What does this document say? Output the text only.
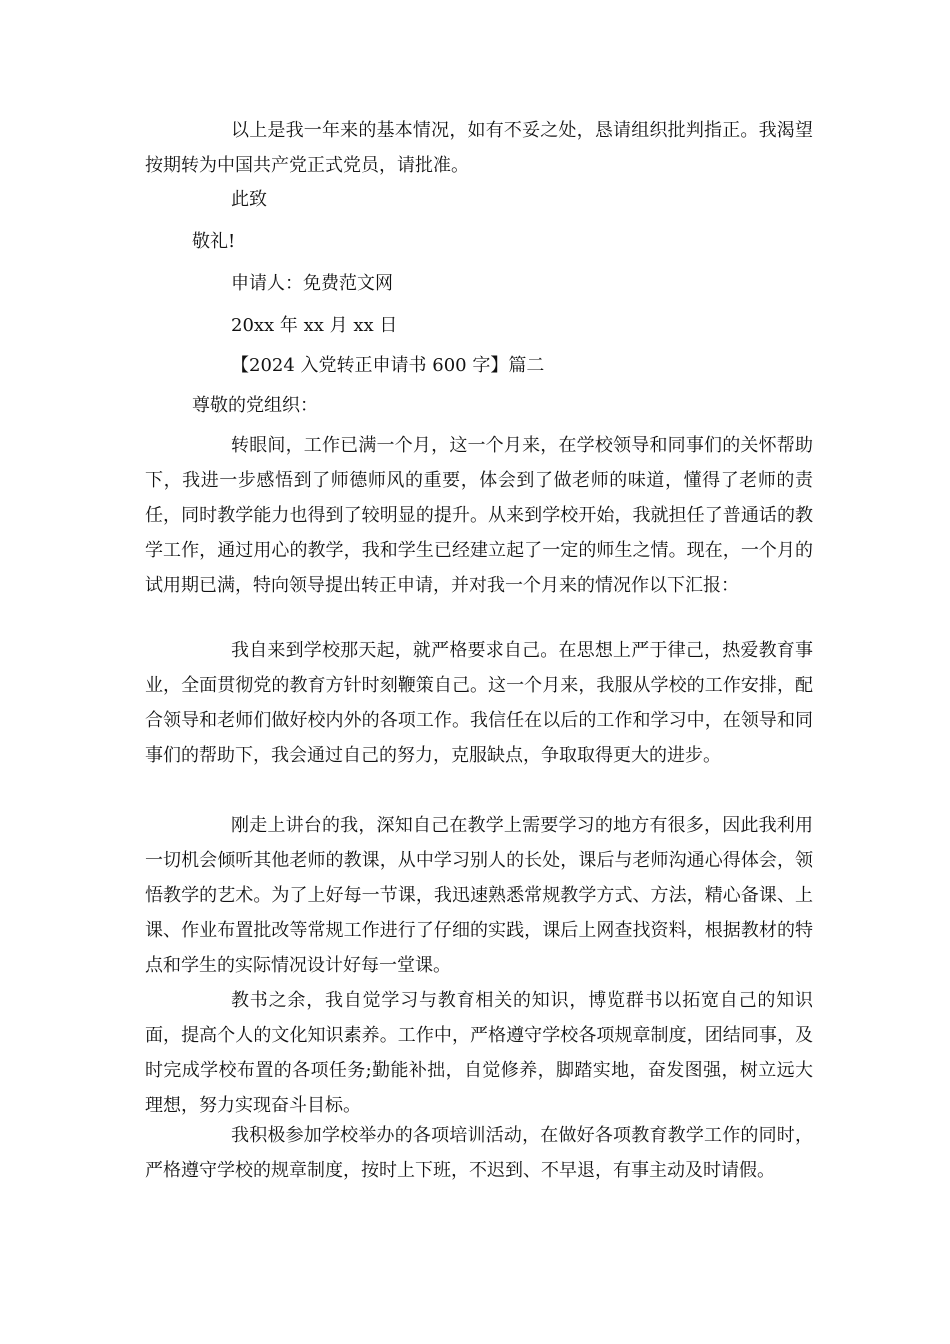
以上是我一年来的基本情况，如有不妥之处，恳请组织批判指正。我渴望按期转为中国共产党正式党员，请批准。
此致
敬礼!
申请人：免费范文网
20xx 年 xx 月 xx 日
【2024 入党转正申请书 600 字】篇二
尊敬的党组织：
转眼间，工作已满一个月，这一个月来，在学校领导和同事们的关怀帮助下，我进一步感悟到了师德师风的重要，体会到了做老师的味道，懂得了老师的责任，同时教学能力也得到了较明显的提升。从来到学校开始，我就担任了普通话的教学工作，通过用心的教学，我和学生已经建立起了一定的师生之情。现在，一个月的试用期已满，特向领导提出转正申请，并对我一个月来的情况作以下汇报：
我自来到学校那天起，就严格要求自己。在思想上严于律己，热爱教育事业，全面贯彻党的教育方针时刻鞭策自己。这一个月来，我服从学校的工作安排，配合领导和老师们做好校内外的各项工作。我信任在以后的工作和学习中，在领导和同事们的帮助下，我会通过自己的努力，克服缺点，争取取得更大的进步。
刚走上讲台的我，深知自己在教学上需要学习的地方有很多，因此我利用一切机会倾听其他老师的教课，从中学习别人的长处，课后与老师沟通心得体会，领悟教学的艺术。为了上好每一节课，我迅速熟悉常规教学方式、方法，精心备课、上课、作业布置批改等常规工作进行了仔细的实践，课后上网查找资料，根据教材的特点和学生的实际情况设计好每一堂课。
教书之余，我自觉学习与教育相关的知识，博览群书以拓宽自己的知识面，提高个人的文化知识素养。工作中，严格遵守学校各项规章制度，团结同事，及时完成学校布置的各项任务;勤能补拙，自觉修养，脚踏实地，奋发图强，树立远大理想，努力实现奋斗目标。
我积极参加学校举办的各项培训活动，在做好各项教育教学工作的同时，严格遵守学校的规章制度，按时上下班，不迟到、不早退，有事主动及时请假。
